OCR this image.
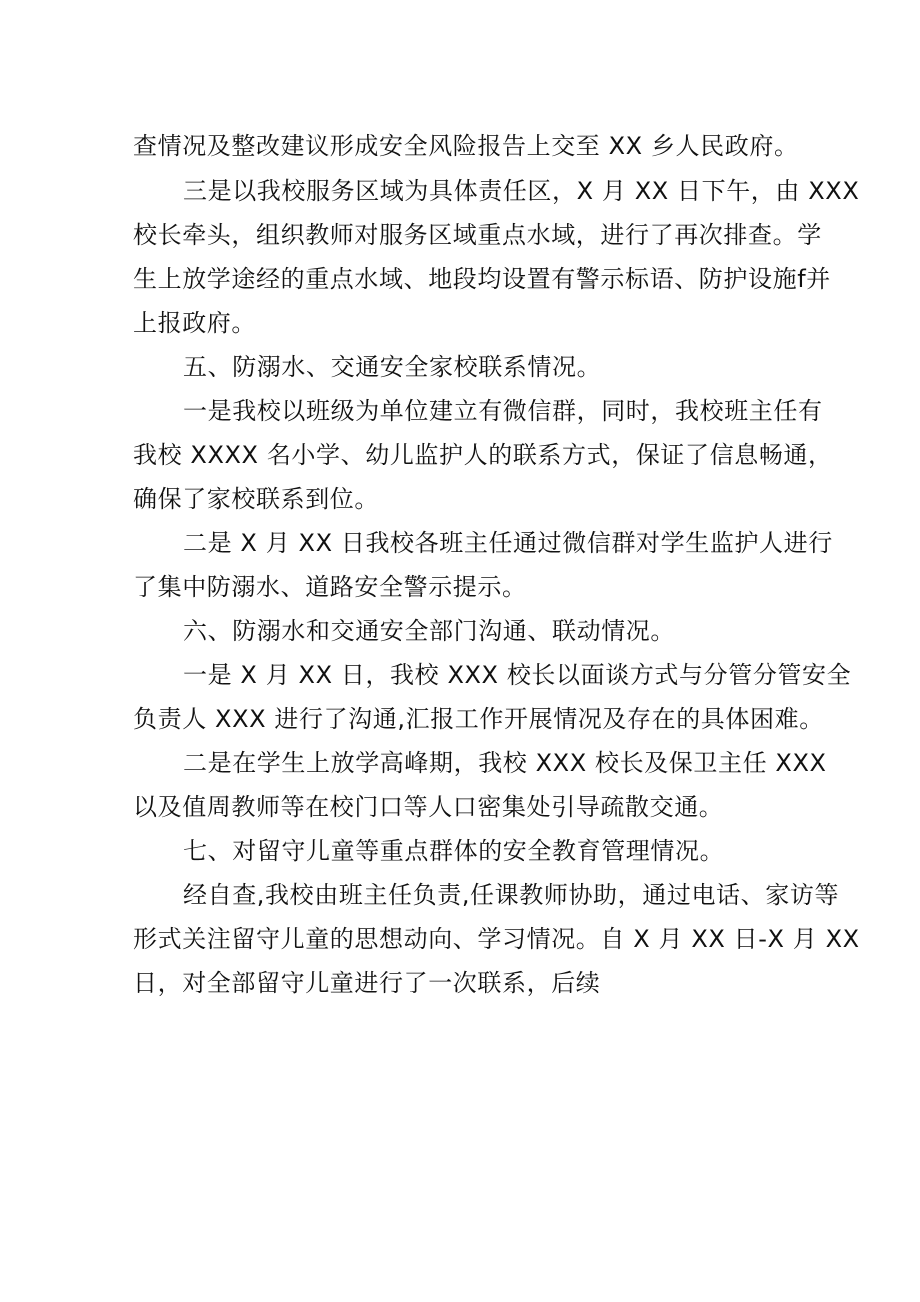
查情况及整改建议形成安全风险报告上交至 XX 乡人民政府。
三是以我校服务区域为具体责任区，X 月 XX 日下午，由 XXX
校长牵头，组织教师对服务区域重点水域，进行了再次排查。学
生上放学途经的重点水域、地段均设置有警示标语、防护设施f并
上报政府。
五、防溺水、交通安全家校联系情况。
一是我校以班级为单位建立有微信群，同时，我校班主任有
我校 XXXX 名小学、幼儿监护人的联系方式，保证了信息畅通，
确保了家校联系到位。
二是 X 月 XX 日我校各班主任通过微信群对学生监护人进行
了集中防溺水、道路安全警示提示。
六、防溺水和交通安全部门沟通、联动情况。
一是 X 月 XX 日，我校 XXX 校长以面谈方式与分管分管安全
负责人 XXX 进行了沟通,汇报工作开展情况及存在的具体困难。
二是在学生上放学高峰期，我校 XXX 校长及保卫主任 XXX
以及值周教师等在校门口等人口密集处引导疏散交通。
七、对留守儿童等重点群体的安全教育管理情况。
经自查,我校由班主任负责,任课教师协助，通过电话、家访等
形式关注留守儿童的思想动向、学习情况。自 X 月 XX 日-X 月 XX
日，对全部留守儿童进行了一次联系，后续
